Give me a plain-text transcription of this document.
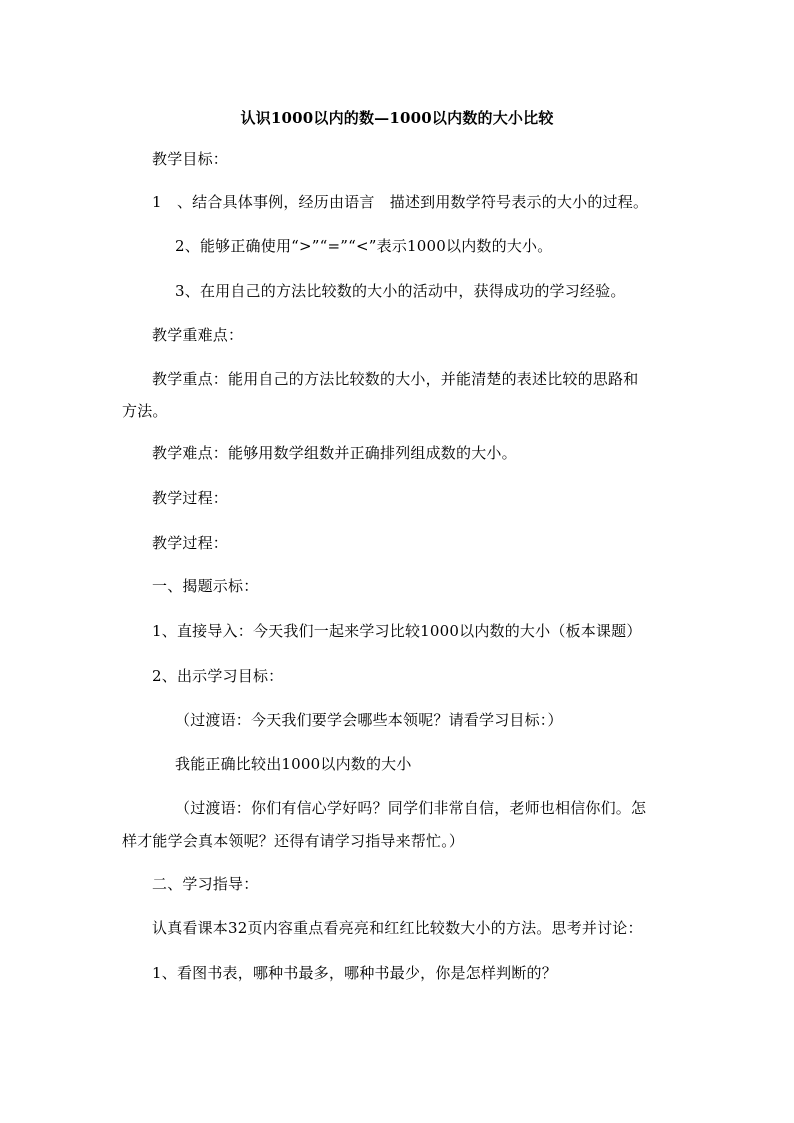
认识1000以内的数—1000以内数的大小比较
教学目标：
1　、结合具体事例，经历由语言　描述到用数学符号表示的大小的过程。
2、能够正确使用“>”“=”“<”表示1000以内数的大小。
3、在用自己的方法比较数的大小的活动中，获得成功的学习经验。
教学重难点：
教学重点：能用自己的方法比较数的大小，并能清楚的表述比较的思路和
方法。
教学难点：能够用数学组数并正确排列组成数的大小。
教学过程：
教学过程：
一、揭题示标：
1、直接导入：今天我们一起来学习比较1000以内数的大小（板本课题）
2、出示学习目标：
（过渡语：今天我们要学会哪些本领呢？请看学习目标：）
我能正确比较出1000以内数的大小
（过渡语：你们有信心学好吗？同学们非常自信，老师也相信你们。怎
样才能学会真本领呢？还得有请学习指导来帮忙。）
二、学习指导：
认真看课本32页内容重点看亮亮和红红比较数大小的方法。思考并讨论：
1、看图书表，哪种书最多，哪种书最少，你是怎样判断的？
